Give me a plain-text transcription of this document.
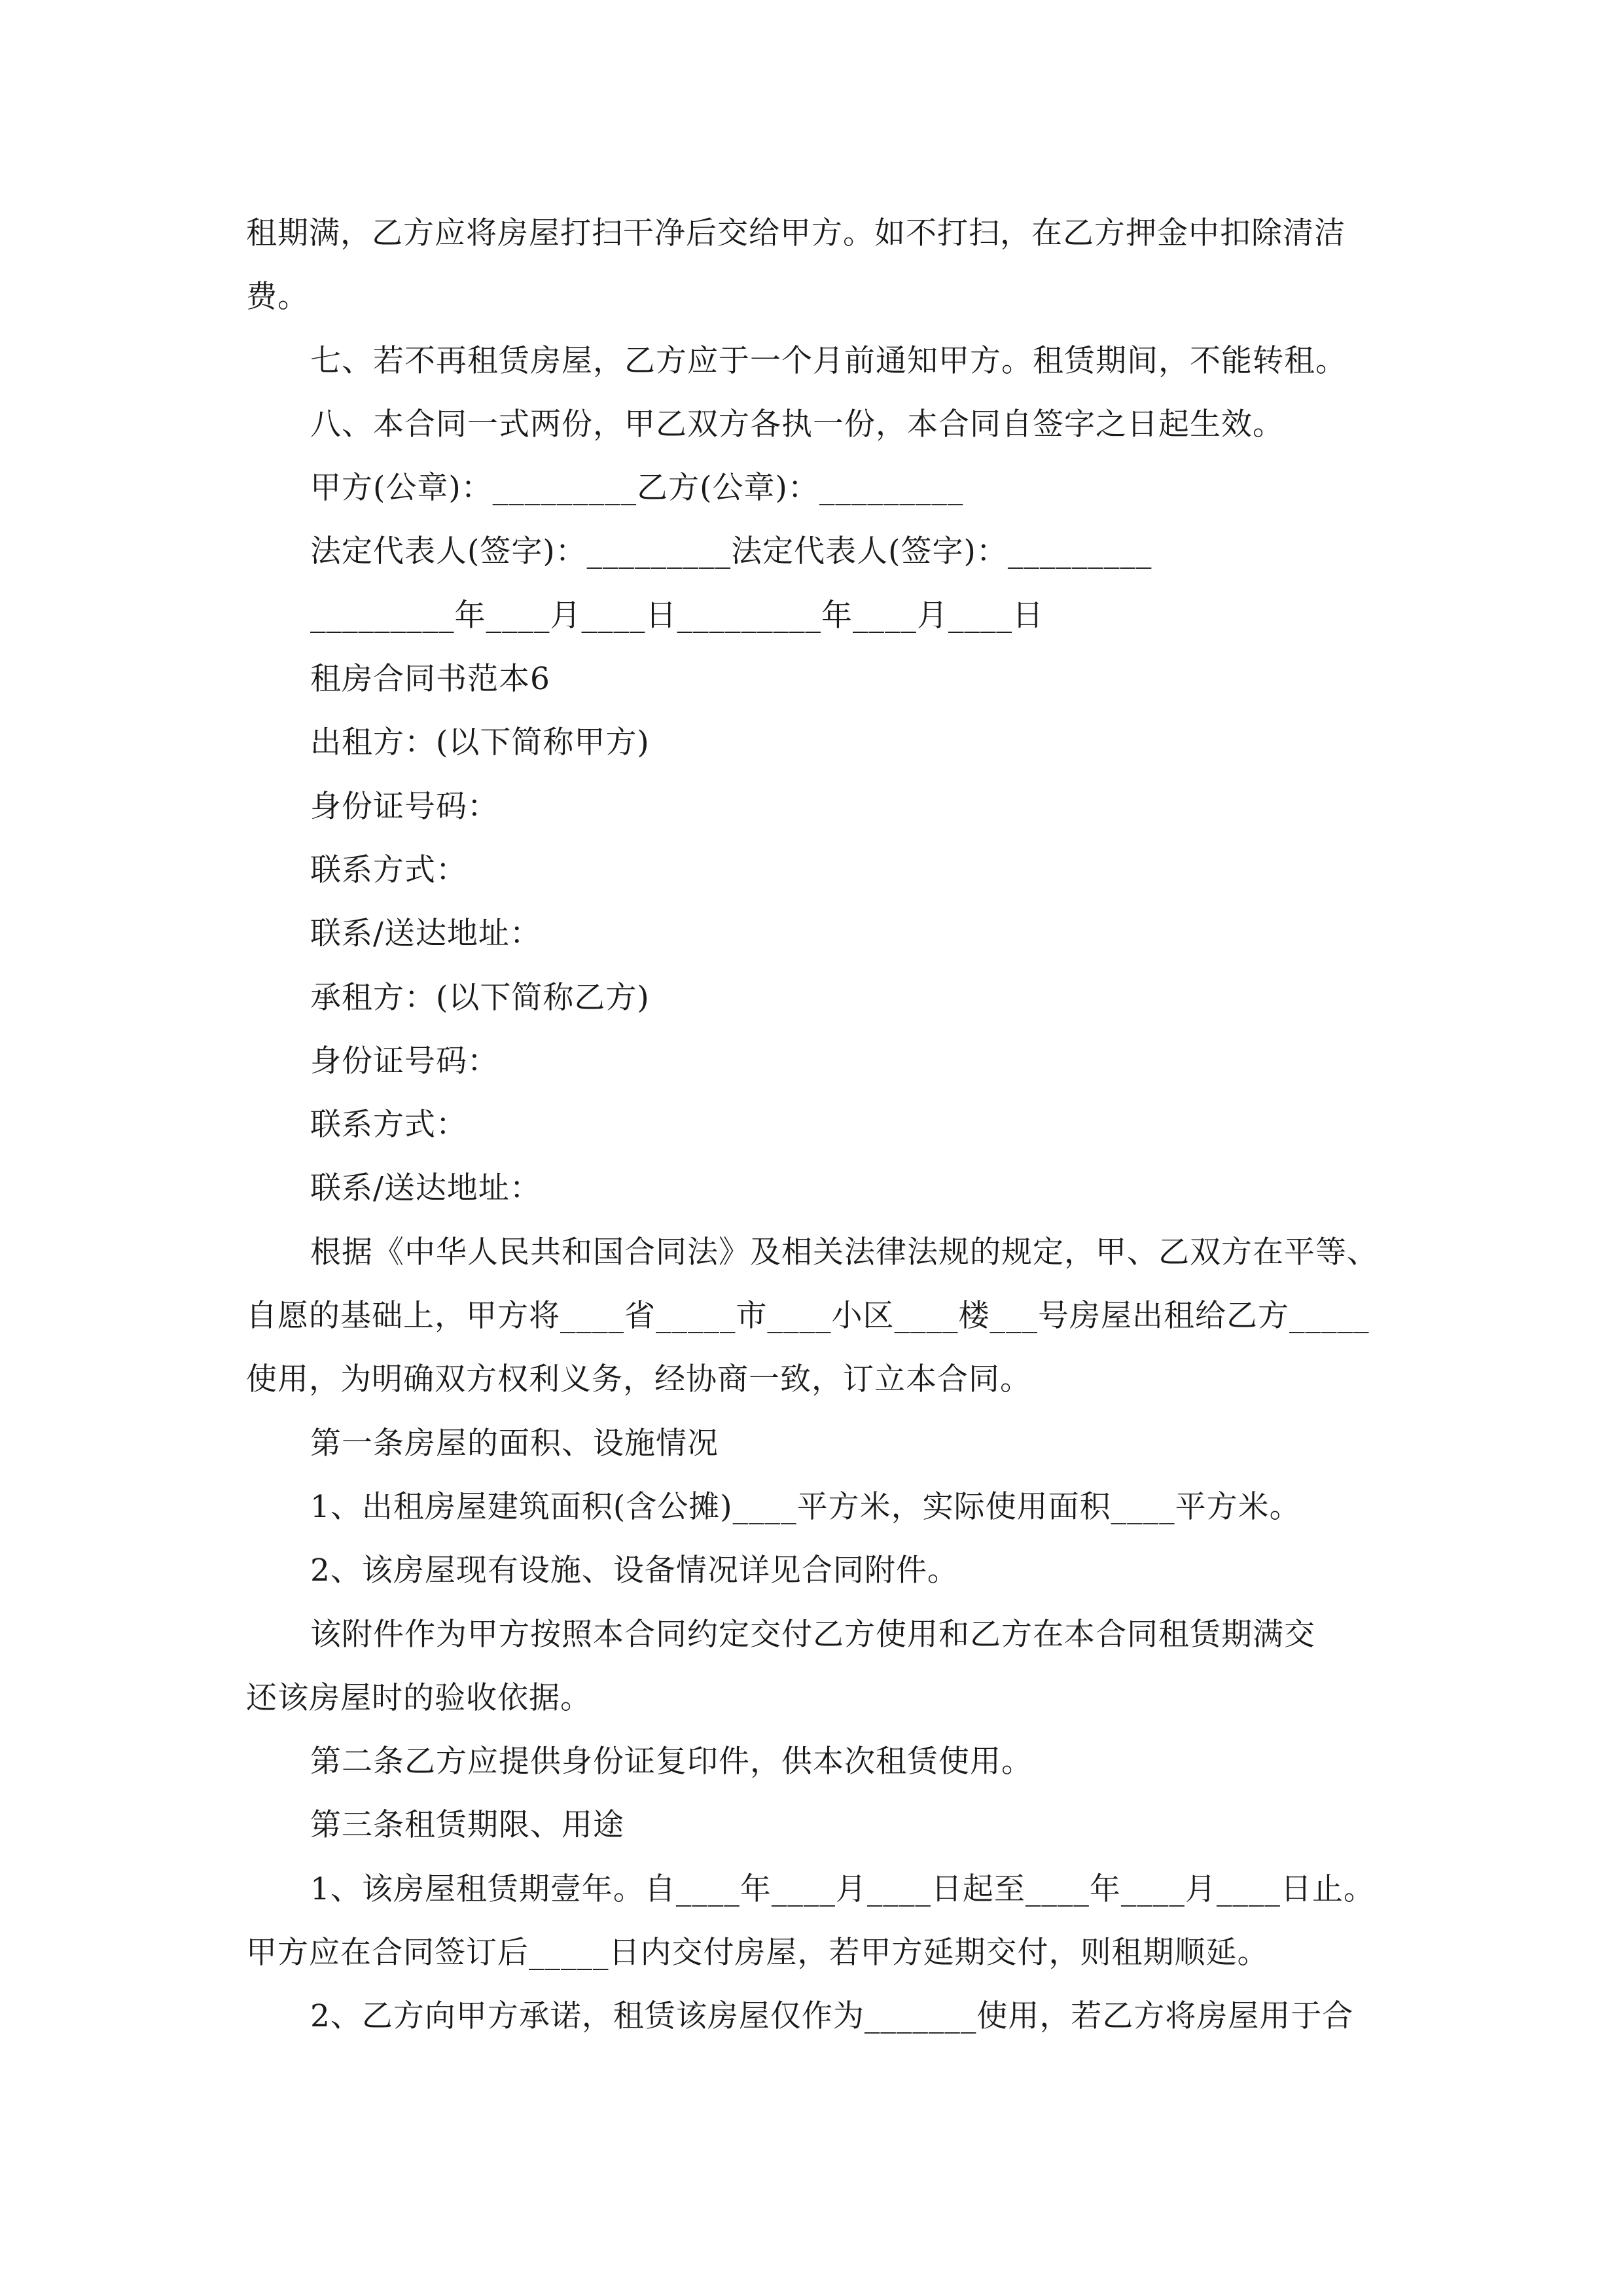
租期满，乙方应将房屋打扫干净后交给甲方。如不打扫，在乙方押金中扣除清洁
费。
七、若不再租赁房屋，乙方应于一个月前通知甲方。租赁期间，不能转租。
八、本合同一式两份，甲乙双方各执一份，本合同自签字之日起生效。
甲方(公章)：_________乙方(公章)：_________
法定代表人(签字)：_________法定代表人(签字)：_________
_________年____月____日_________年____月____日
租房合同书范本6
出租方：(以下简称甲方)
身份证号码：
联系方式：
联系/送达地址：
承租方：(以下简称乙方)
身份证号码：
联系方式：
联系/送达地址：
根据《中华人民共和国合同法》及相关法律法规的规定，甲、乙双方在平等、
自愿的基础上，甲方将____省_____市____小区____楼___号房屋出租给乙方_____
使用，为明确双方权利义务，经协商一致，订立本合同。
第一条房屋的面积、设施情况
1、出租房屋建筑面积(含公摊)____平方米，实际使用面积____平方米。
2、该房屋现有设施、设备情况详见合同附件。
该附件作为甲方按照本合同约定交付乙方使用和乙方在本合同租赁期满交
还该房屋时的验收依据。
第二条乙方应提供身份证复印件，供本次租赁使用。
第三条租赁期限、用途
1、该房屋租赁期壹年。自____年____月____日起至____年____月____日止。
甲方应在合同签订后_____日内交付房屋，若甲方延期交付，则租期顺延。
2、乙方向甲方承诺，租赁该房屋仅作为_______使用，若乙方将房屋用于合
